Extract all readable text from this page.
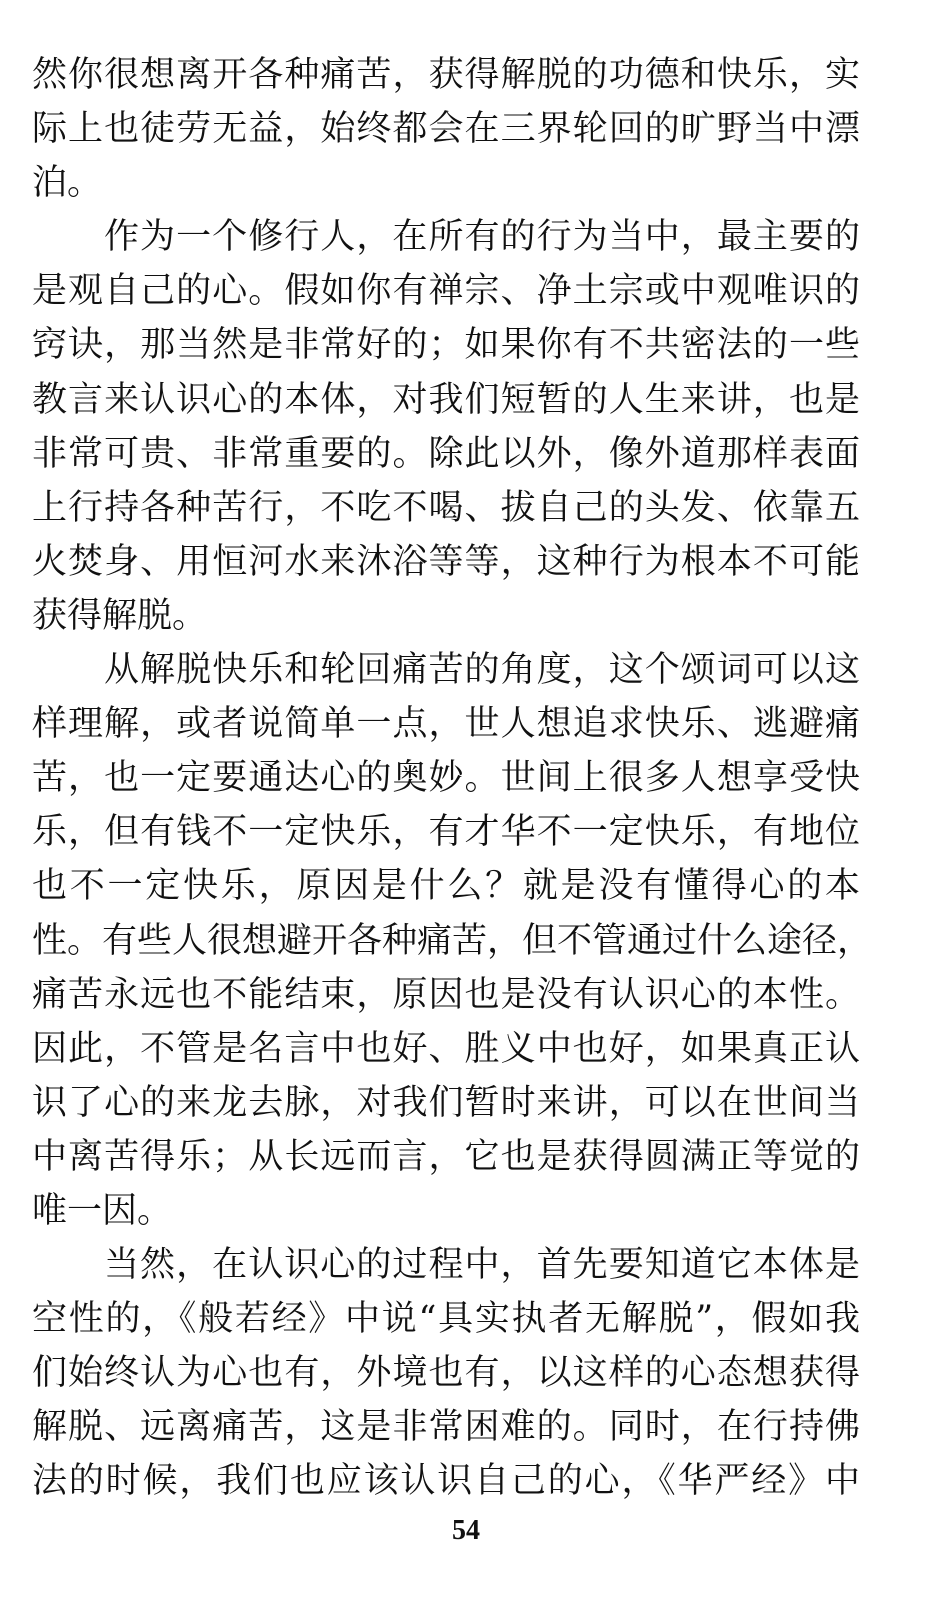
然你很想离开各种痛苦，获得解脱的功德和快乐，实
际上也徒劳无益，始终都会在三界轮回的旷野当中漂
泊。
作为一个修行人，在所有的行为当中，最主要的
是观自己的心。假如你有禅宗、净土宗或中观唯识的
窍诀，那当然是非常好的；如果你有不共密法的一些
教言来认识心的本体，对我们短暂的人生来讲，也是
非常可贵、非常重要的。除此以外，像外道那样表面
上行持各种苦行，不吃不喝、拔自己的头发、依靠五
火焚身、用恒河水来沐浴等等，这种行为根本不可能
获得解脱。
从解脱快乐和轮回痛苦的角度，这个颂词可以这
样理解，或者说简单一点，世人想追求快乐、逃避痛
苦，也一定要通达心的奥妙。世间上很多人想享受快
乐，但有钱不一定快乐，有才华不一定快乐，有地位
也不一定快乐，原因是什么？就是没有懂得心的本
性。有些人很想避开各种痛苦，但不管通过什么途径，
痛苦永远也不能结束，原因也是没有认识心的本性。
因此，不管是名言中也好、胜义中也好，如果真正认
识了心的来龙去脉，对我们暂时来讲，可以在世间当
中离苦得乐；从长远而言，它也是获得圆满正等觉的
唯一因。
当然，在认识心的过程中，首先要知道它本体是
空性的，《般若经》中说“具实执者无解脱”，假如我
们始终认为心也有，外境也有，以这样的心态想获得
解脱、远离痛苦，这是非常困难的。同时，在行持佛
法的时候，我们也应该认识自己的心，《华严经》中
54
